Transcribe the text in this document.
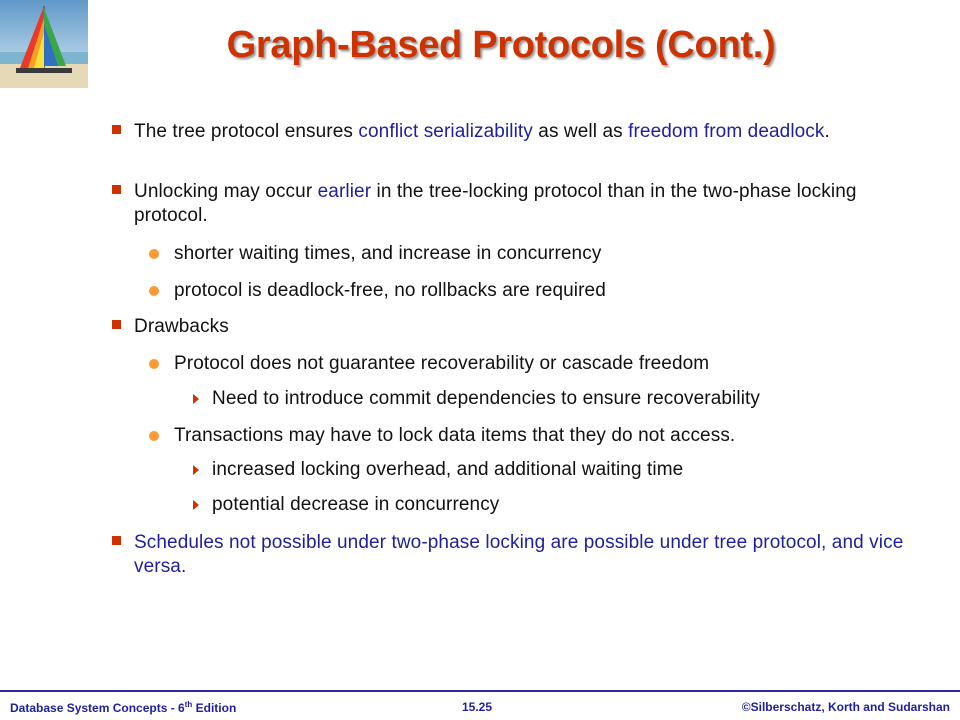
Graph-Based Protocols (Cont.)
The tree protocol ensures conflict serializability as well as freedom from deadlock.
Unlocking may occur earlier in the tree-locking protocol than in the two-phase locking protocol.
shorter waiting times, and increase in concurrency
protocol is deadlock-free, no rollbacks are required
Drawbacks
Protocol does not guarantee recoverability or cascade freedom
Need to introduce commit dependencies to ensure recoverability
Transactions may have to lock data items that they do not access.
increased locking overhead, and additional waiting time
potential decrease in concurrency
Schedules not possible under two-phase locking are possible under tree protocol, and vice versa.
Database System Concepts - 6th Edition	15.25	©Silberschatz, Korth and Sudarshan
